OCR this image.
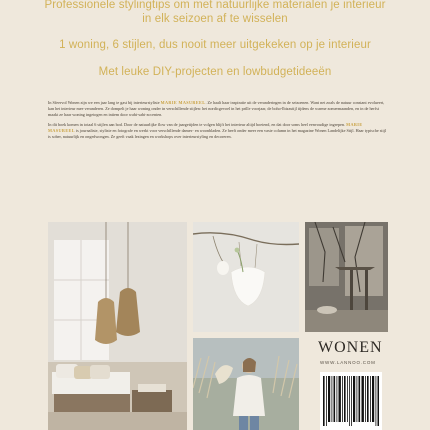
Professionele stylingtips om met natuurlijke materialen je interieur
in elk seizoen af te wisselen
1 woning, 6 stijlen, dus nooit meer uitgekeken op je interieur
Met leuke DIY-projecten en lowbudgetideeën
In Sfeervol Wonen zijn we een jaar lang te gast bij interieurstyliste MARIE MASUREEL. Ze haalt haar inspiratie uit de veranderingen in de seizoenen. Want net zoals de natuur constant evolueert, kan het interieur mee veranderen. Ze dompelt je haar woning onder in verschillende stijlen: het nordicgevoel in het prille voorjaar, de boho-Ibizastijl tijdens de warme zomermaanden, en in de herfst maakt ze haar woning ingetogen en intiem door wabi-sabi-accenten.
In dit boek komen in totaal 6 stijlen aan bod. Door de natuurlijke flow van de jaargetijden te volgen blijft het interieur altijd boeiend, en dat door soms heel eenvoudige ingrepen. MARIE MASUREEL is journaliste, styliste en fotografe en werkt voor verschillende dames- en woonbladen. Ze heeft onder meer een vaste column in het magazine Wonen Landelijke Stijl. Haar typische stijl is sober, natuurlijk en ongedwongen. Ze geeft vaak lezingen en workshops over interieurstyling en decoreren.
WONEN
WWW.LANNOO.COM
